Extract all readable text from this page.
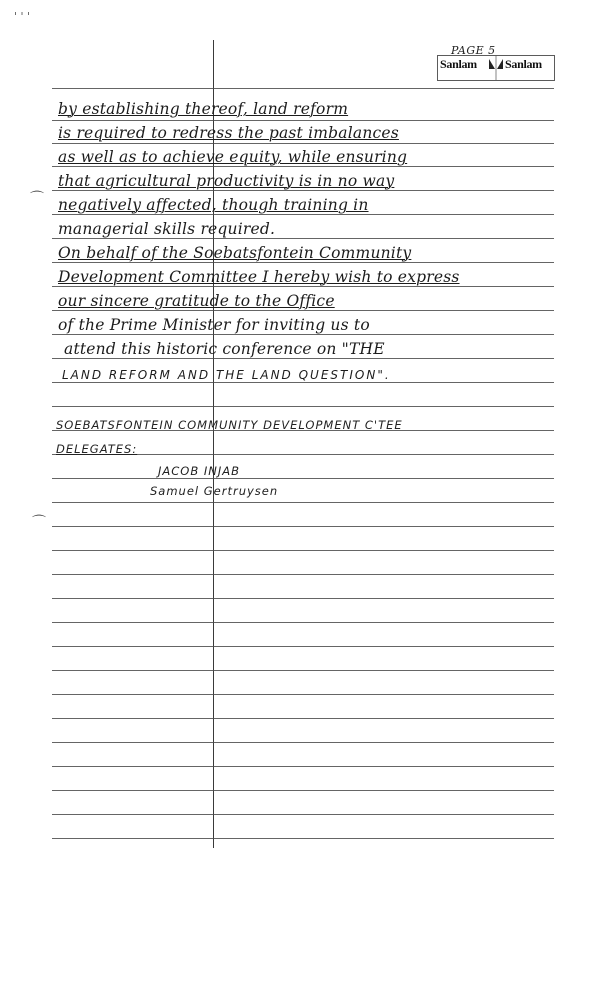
' ' '
PAGE 5
Sanlam Sanlam
⌒
⌒
by establishing thereof, land reform
is required to redress the past imbalances
as well as to achieve equity, while ensuring
that agricultural productivity is in no way
negatively affected, though training in
managerial skills required.
On behalf of the Soebatsfontein Community
Development Committee I hereby wish to express
our sincere gratitude to the Office
of the Prime Minister for inviting us to
attend this historic conference on "THE
LAND REFORM AND THE LAND QUESTION".
SOEBATSFONTEIN COMMUNITY DEVELOPMENT C'TEE
DELEGATES:
JACOB INJAB
Samuel Gertruysen
